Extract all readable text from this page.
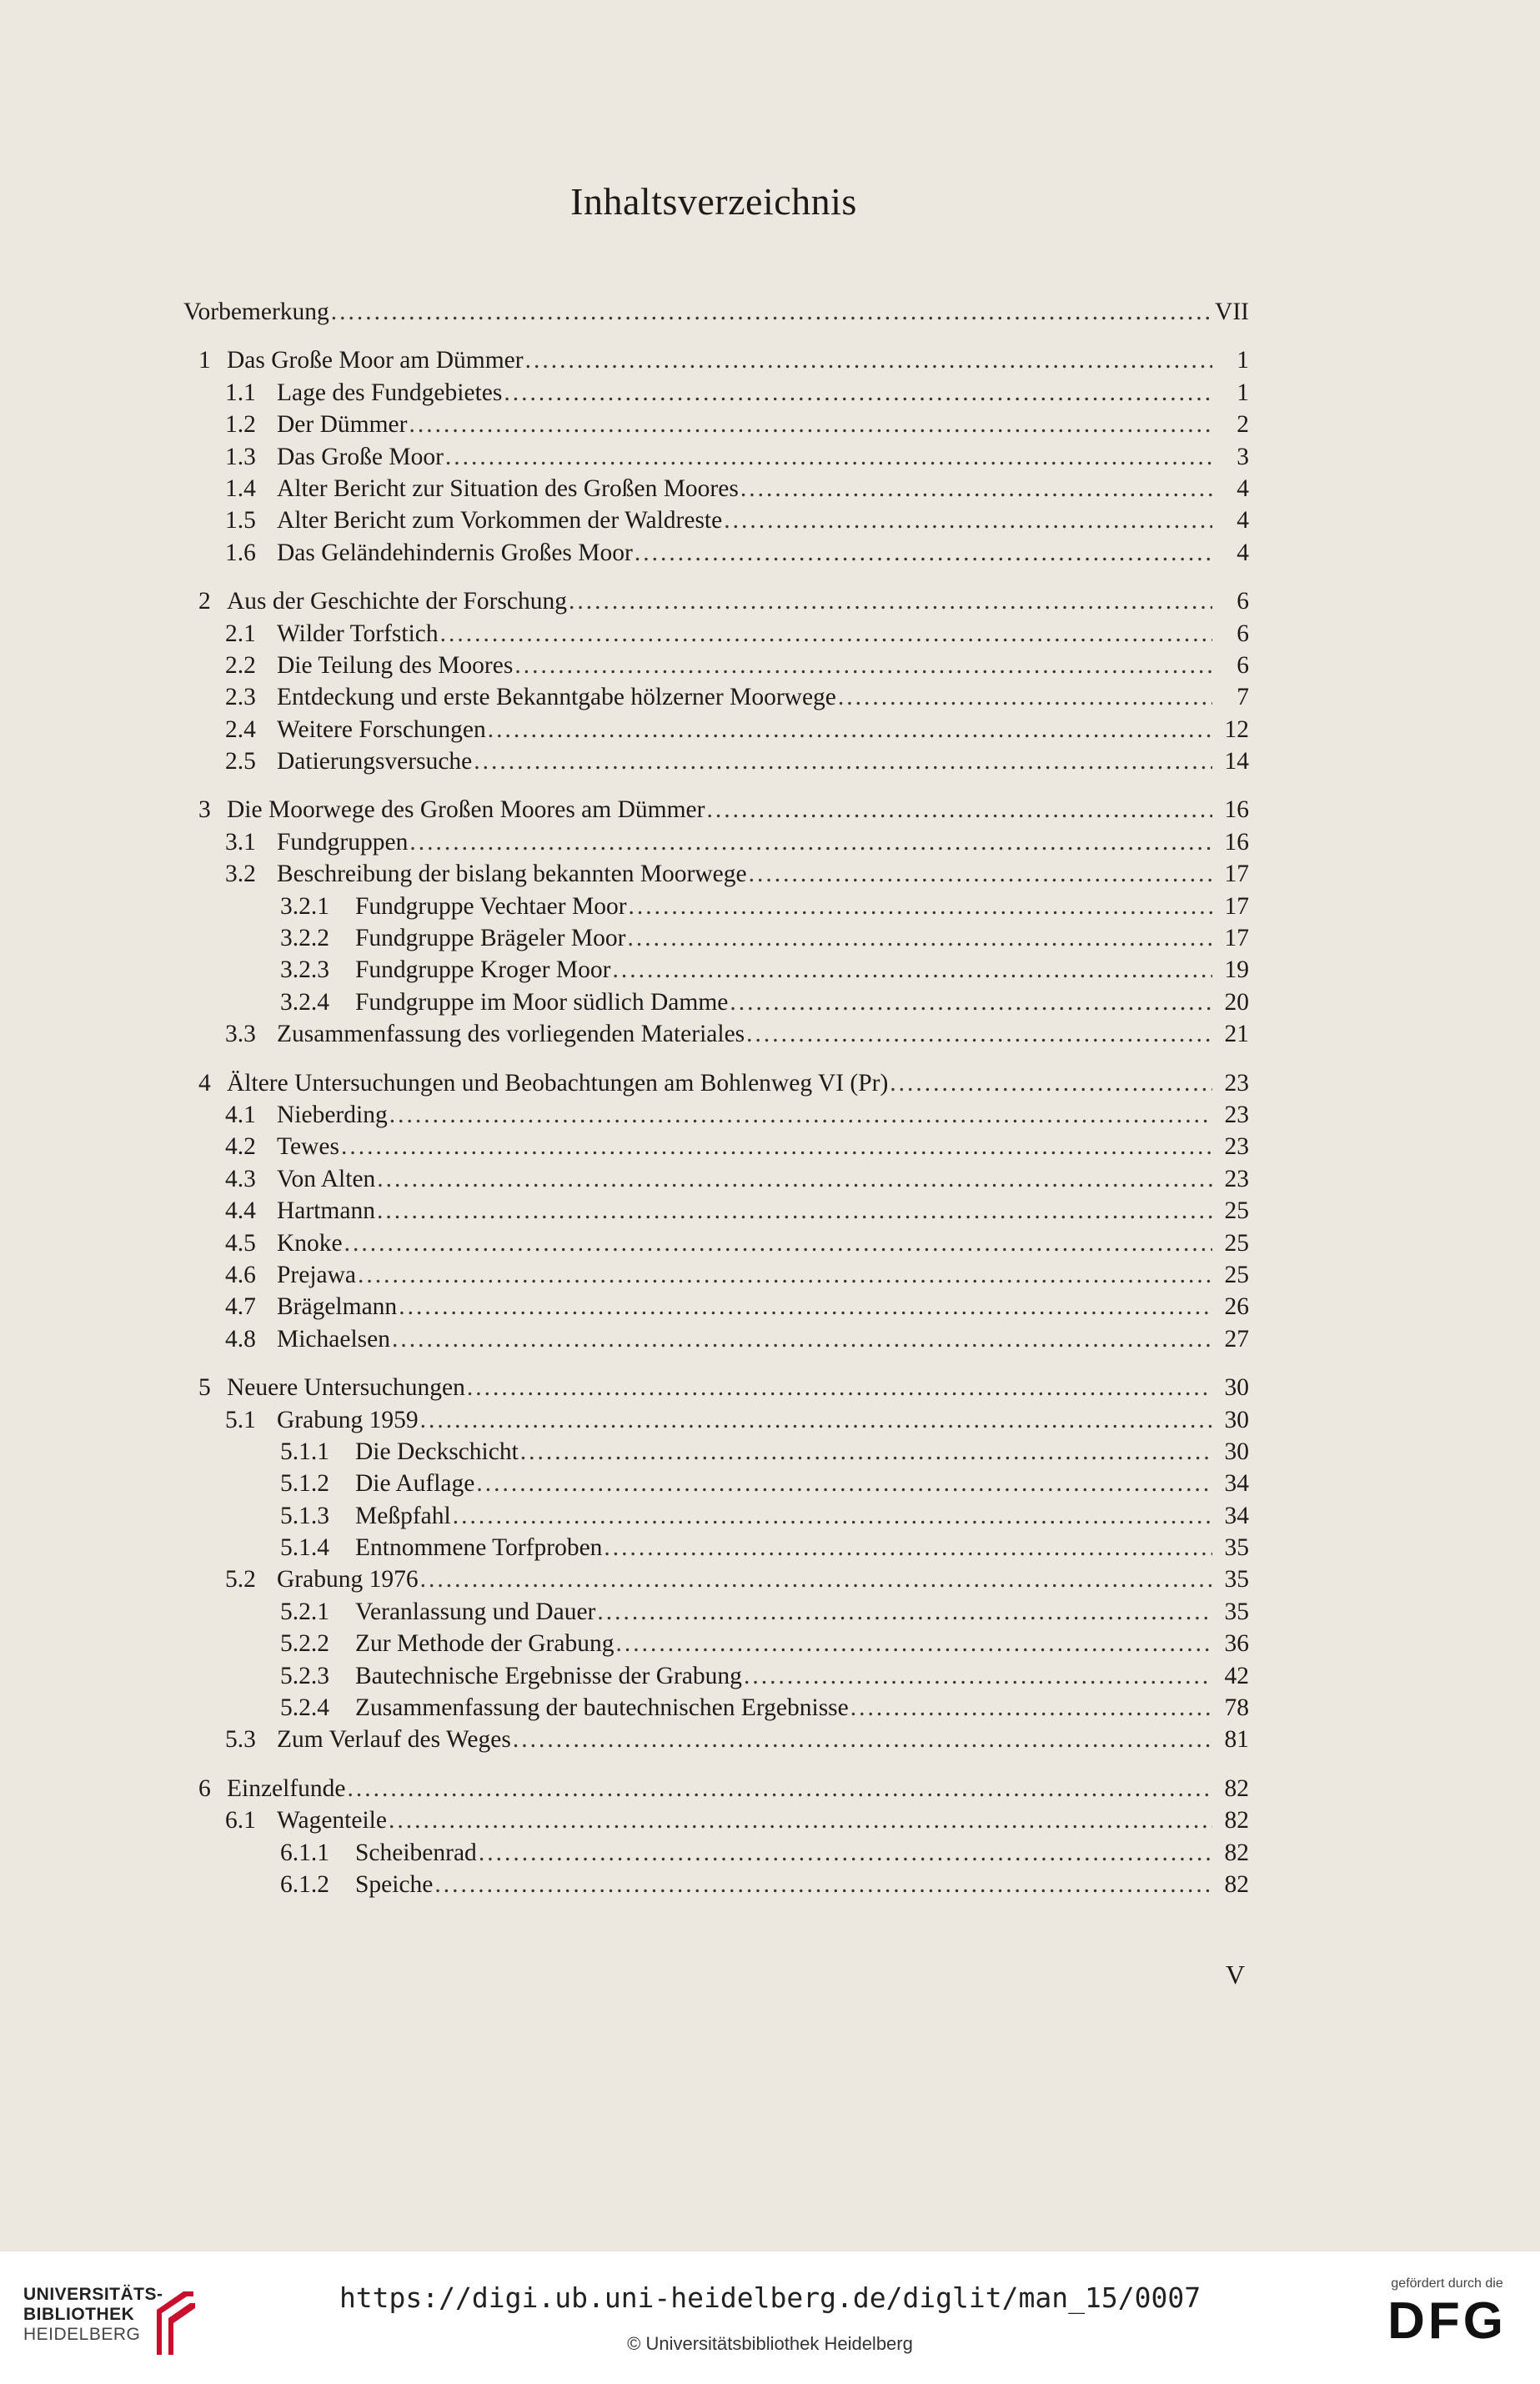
Inhaltsverzeichnis
Vorbemerkung .....	VII
1 Das Große Moor am Dümmer .....	1
1.1 Lage des Fundgebietes .....	1
1.2 Der Dümmer .....	2
1.3 Das Große Moor .....	3
1.4 Alter Bericht zur Situation des Großen Moores .....	4
1.5 Alter Bericht zum Vorkommen der Waldreste .....	4
1.6 Das Geländehindernis Großes Moor .....	4
2 Aus der Geschichte der Forschung .....	6
2.1 Wilder Torfstich .....	6
2.2 Die Teilung des Moores .....	6
2.3 Entdeckung und erste Bekanntgabe hölzerner Moorwege .....	7
2.4 Weitere Forschungen .....	12
2.5 Datierungsversuche .....	14
3 Die Moorwege des Großen Moores am Dümmer .....	16
3.1 Fundgruppen .....	16
3.2 Beschreibung der bislang bekannten Moorwege .....	17
3.2.1	Fundgruppe Vechtaer Moor .....	17
3.2.2	Fundgruppe Brägeler Moor .....	17
3.2.3	Fundgruppe Kroger Moor .....	19
3.2.4	Fundgruppe im Moor südlich Damme .....	20
3.3 Zusammenfassung des vorliegenden Materiales .....	21
4 Ältere Untersuchungen und Beobachtungen am Bohlenweg VI (Pr) .....	23
4.1 Nieberding .....	23
4.2 Tewes .....	23
4.3 Von Alten .....	23
4.4 Hartmann .....	25
4.5 Knoke .....	25
4.6 Prejawa .....	25
4.7 Brägelmann .....	26
4.8 Michaelsen .....	27
5 Neuere Untersuchungen .....	30
5.1 Grabung 1959 .....	30
5.1.1	Die Deckschicht .....	30
5.1.2	Die Auflage .....	34
5.1.3	Meßpfahl .....	34
5.1.4	Entnommene Torfproben .....	35
5.2 Grabung 1976 .....	35
5.2.1	Veranlassung und Dauer .....	35
5.2.2	Zur Methode der Grabung .....	36
5.2.3	Bautechnische Ergebnisse der Grabung .....	42
5.2.4	Zusammenfassung der bautechnischen Ergebnisse .....	78
5.3 Zum Verlauf des Weges .....	81
6 Einzelfunde .....	82
6.1 Wagenteile .....	82
6.1.1	Scheibenrad .....	82
6.1.2	Speiche .....	82
V
UNIVERSITÄTS-
BIBLIOTHEK
HEIDELBERG
https://digi.ub.uni-heidelberg.de/diglit/man_15/0007
© Universitätsbibliothek Heidelberg
gefördert durch die
DFG
